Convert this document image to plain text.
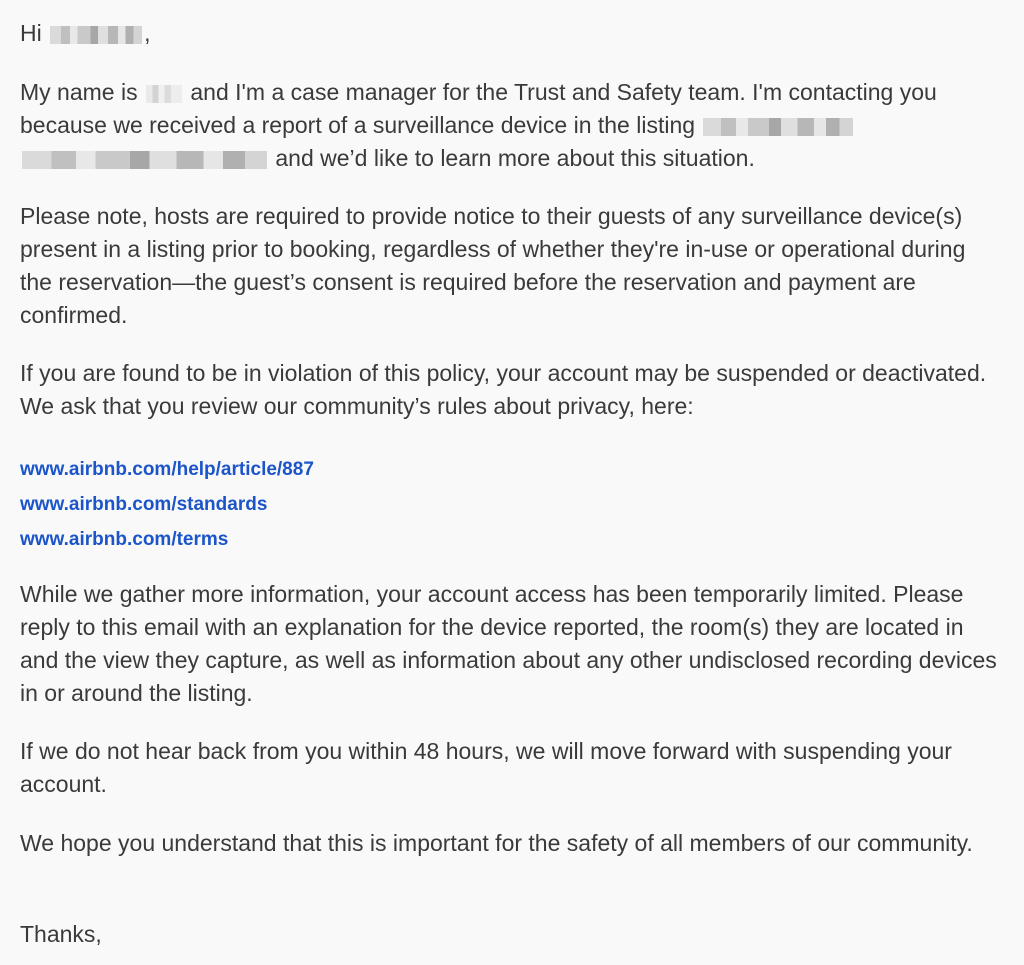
Hi	,

My name is and I'm a case manager for the Trust and Safety team. I'm contacting you because we received a report of a surveillance device in the listing   and we’d like to learn more about this situation.

Please note, hosts are required to provide notice to their guests of any surveillance device(s) present in a listing prior to booking, regardless of whether they're in-use or operational during the reservation—the guest’s consent is required before the reservation and payment are confirmed.

If you are found to be in violation of this policy, your account may be suspended or deactivated. We ask that you review our community’s rules about privacy, here:

www.airbnb.com/help/article/887
www.airbnb.com/standards
www.airbnb.com/terms

While we gather more information, your account access has been temporarily limited. Please reply to this email with an explanation for the device reported, the room(s) they are located in and the view they capture, as well as information about any other undisclosed recording devices in or around the listing.

If we do not hear back from you within 48 hours, we will move forward with suspending your account.

We hope you understand that this is important for the safety of all members of our community.

Thanks,
